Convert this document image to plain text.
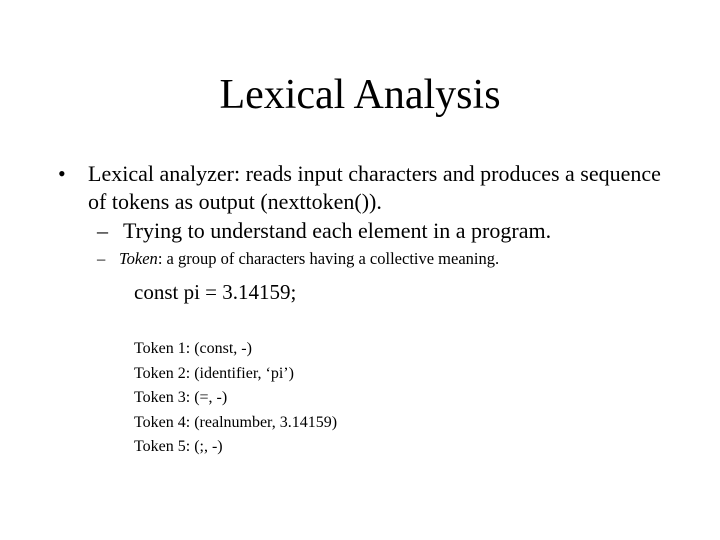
Lexical Analysis
• Lexical analyzer: reads input characters and produces a sequence of tokens as output (nexttoken()).
– Trying to understand each element in a program.
– Token: a group of characters having a collective meaning.
const pi = 3.14159;
Token 1: (const, -)
Token 2: (identifier, ‘pi’)
Token 3: (=, -)
Token 4: (realnumber, 3.14159)
Token 5: (;, -)
